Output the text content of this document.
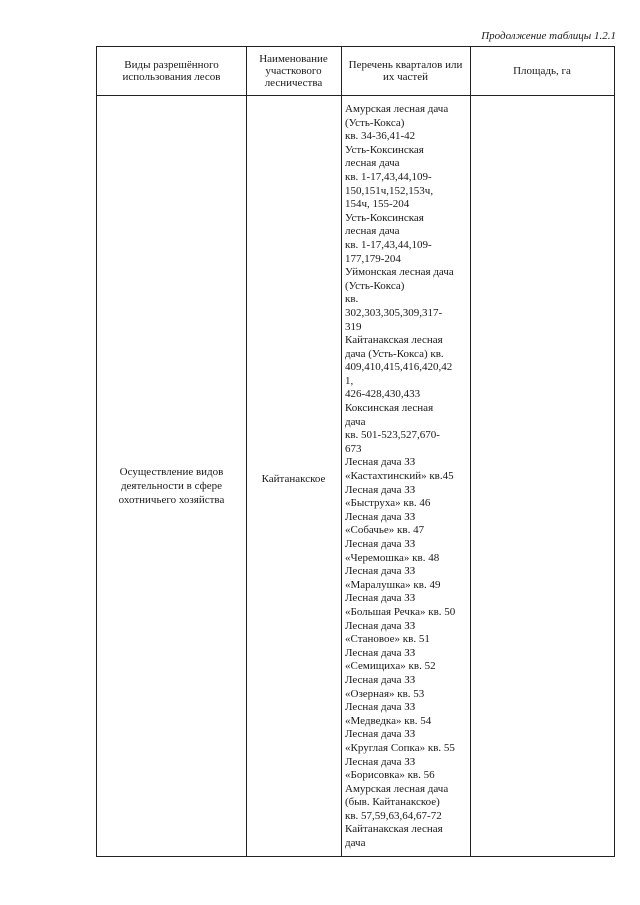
Продолжение таблицы 1.2.1
Виды разрешённого использования лесов
Наименование участкового лесничества
Перечень кварталов или их частей	Площадь, га
Осуществление видов деятельности в сфере охотничьего хозяйства
Кайтанакское
Амурская лесная дача
(Усть-Кокса)
кв. 34-36,41-42
Усть-Коксинская
лесная дача
кв. 1-17,43,44,109-
150,151ч,152,153ч,
154ч, 155-204
Усть-Коксинская
лесная дача
кв. 1-17,43,44,109-
177,179-204
Уймонская лесная дача
(Усть-Кокса)
кв.
302,303,305,309,317-
319
Кайтанакская лесная
дача (Усть-Кокса) кв.
409,410,415,416,420,42
1,
426-428,430,433
Коксинская лесная
дача
кв. 501-523,527,670-
673
Лесная дача ЗЗ
«Кастахтинский» кв.45
Лесная дача ЗЗ
«Быструха» кв. 46
Лесная дача ЗЗ
«Собачье» кв. 47
Лесная дача ЗЗ
«Черемошка» кв. 48
Лесная дача ЗЗ
«Маралушка» кв. 49
Лесная дача ЗЗ
«Большая Речка» кв. 50
Лесная дача ЗЗ
«Становое» кв. 51
Лесная дача ЗЗ
«Семищиха» кв. 52
Лесная дача ЗЗ
«Озерная» кв. 53
Лесная дача ЗЗ
«Медведка» кв. 54
Лесная дача ЗЗ
«Круглая Сопка» кв. 55
Лесная дача ЗЗ
«Борисовка» кв. 56
Амурская лесная дача
(быв. Кайтанакское)
кв. 57,59,63,64,67-72
Кайтанакская лесная
дача
